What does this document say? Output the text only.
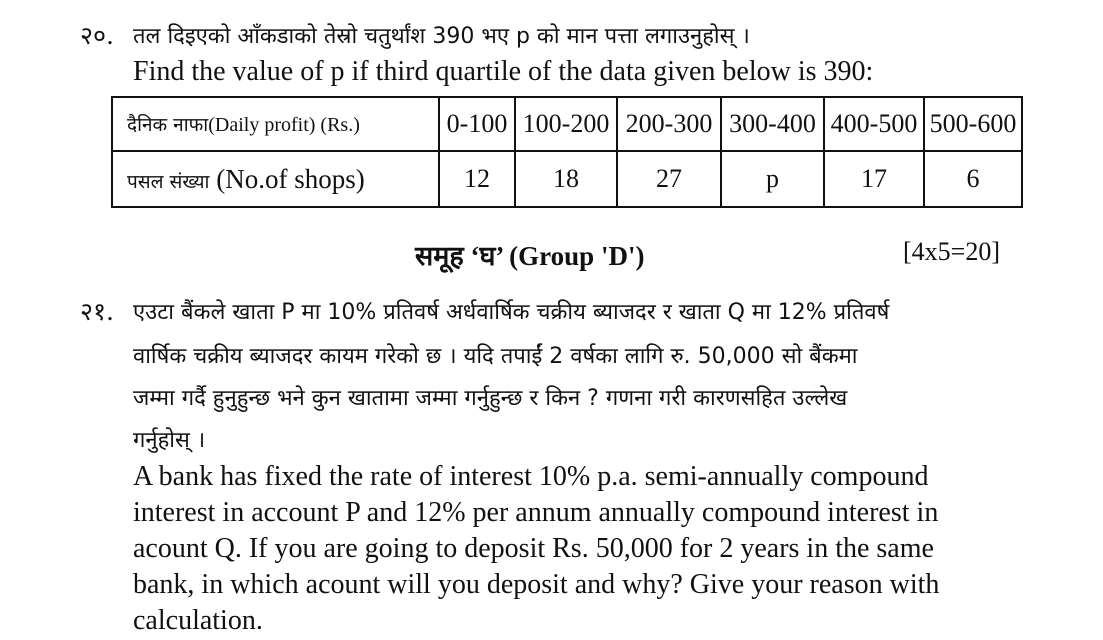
२०. तल दिइएको आँकडाको तेस्रो चतुर्थांश 390 भए p को मान पत्ता लगाउनुहोस् ।
Find the value of p if third quartile of the data given below is 390:
दैनिक नाफा(Daily profit) (Rs.)	0-100	100-200	200-300	300-400	400-500	500-600
पसल संख्या (No.of shops)	12	18	27	p	17	6
समूह ‘घ’ (Group 'D')	[4x5=20]
२१. एउटा बैंकले खाता P मा 10% प्रतिवर्ष अर्धवार्षिक चक्रीय ब्याजदर र खाता Q मा 12% प्रतिवर्ष
वार्षिक चक्रीय ब्याजदर कायम गरेको छ । यदि तपाईं 2 वर्षका लागि रु. 50,000 सो बैंकमा
जम्मा गर्दै हुनुहुन्छ भने कुन खातामा जम्मा गर्नुहुन्छ र किन ? गणना गरी कारणसहित उल्लेख
गर्नुहोस् ।
A bank has fixed the rate of interest 10% p.a. semi-annually compound
interest in account P and 12% per annum annually compound interest in
acount Q. If you are going to deposit Rs. 50,000 for 2 years in the same
bank, in which acount will you deposit and why? Give your reason with
calculation.
